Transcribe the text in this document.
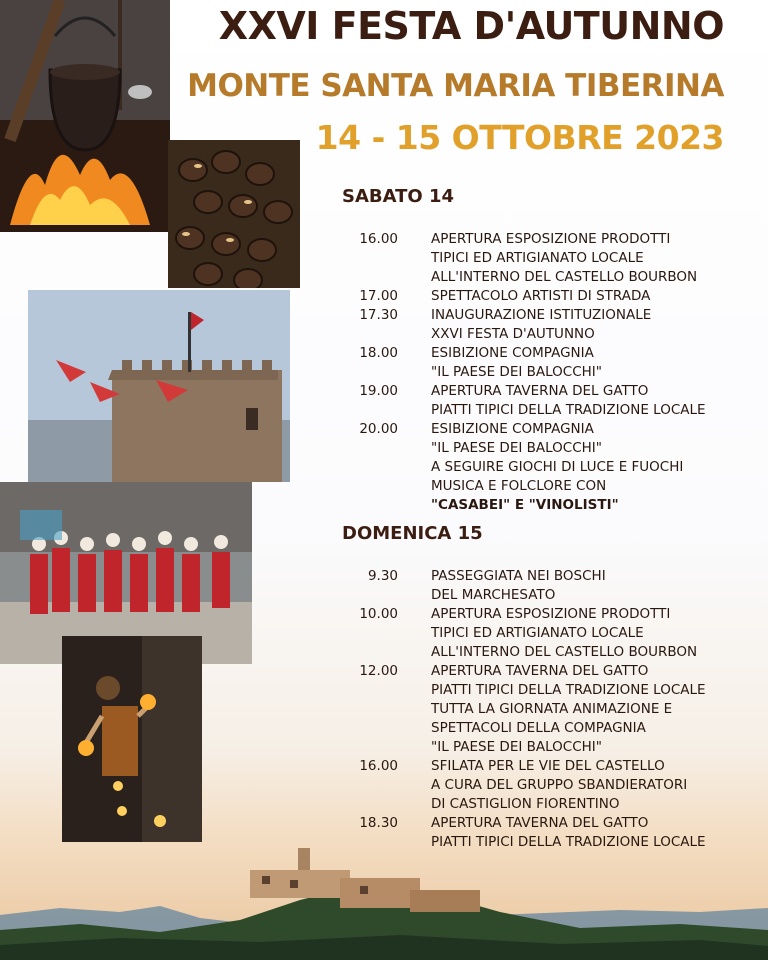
XXVI FESTA D'AUTUNNO
MONTE SANTA MARIA TIBERINA
14 - 15 OTTOBRE 2023
SABATO 14
16.00	APERTURA ESPOSIZIONE PRODOTTI
TIPICI ED ARTIGIANATO LOCALE
ALL'INTERNO DEL CASTELLO BOURBON
17.00	SPETTACOLO ARTISTI DI STRADA
17.30	INAUGURAZIONE ISTITUZIONALE
XXVI FESTA D'AUTUNNO
18.00	ESIBIZIONE COMPAGNIA
"IL PAESE DEI BALOCCHI"
19.00	APERTURA TAVERNA DEL GATTO
PIATTI TIPICI DELLA TRADIZIONE LOCALE
20.00	ESIBIZIONE COMPAGNIA
"IL PAESE DEI BALOCCHI"
A SEGUIRE GIOCHI DI LUCE E FUOCHI
MUSICA E FOLCLORE CON
"CASABEI" E "VINOLISTI"
DOMENICA 15
9.30	PASSEGGIATA NEI BOSCHI
DEL MARCHESATO
10.00	APERTURA ESPOSIZIONE PRODOTTI
TIPICI ED ARTIGIANATO LOCALE
ALL'INTERNO DEL CASTELLO BOURBON
12.00	APERTURA TAVERNA DEL GATTO
PIATTI TIPICI DELLA TRADIZIONE LOCALE
TUTTA LA GIORNATA ANIMAZIONE E
SPETTACOLI DELLA COMPAGNIA
"IL PAESE DEI BALOCCHI"
16.00	SFILATA PER LE VIE DEL CASTELLO
A CURA DEL GRUPPO SBANDIERATORI
DI CASTIGLION FIORENTINO
18.30	APERTURA TAVERNA DEL GATTO
PIATTI TIPICI DELLA TRADIZIONE LOCALE
